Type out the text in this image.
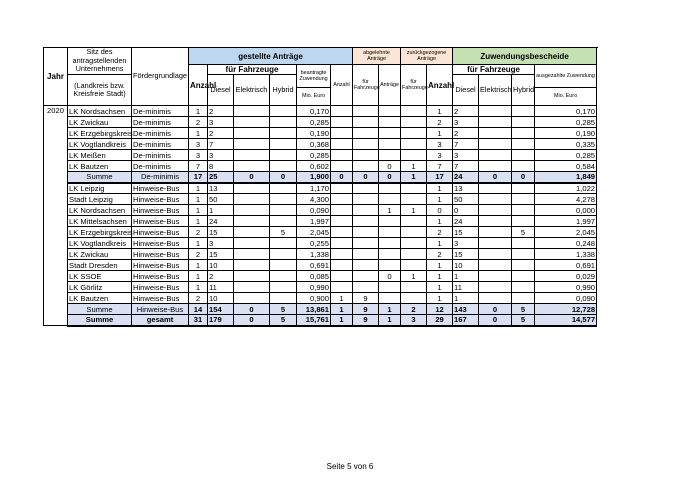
Jahr	Sitz des antragstellenden Unternehmens	Fördergrundlage	gestellte Anträge						abgelehnte Anträge		zurückgezogene Anträge		Zuwendungsbescheide			
			Anzahl	für Fahrzeuge			beantragte Zuwendung	Anzahl	für Fahrzeuge	Anträge	für Fahrzeuge	Anzahl	für Fahrzeuge			ausgezahlte Zuwendung
	(Landkreis bzw. Kreisfreie Stadt)			Diesel	Elektrisch	Hybrid							Diesel	Elektrisch	Hybrid	
							Mio. Euro									Mio. Euro
2020	LK Nordsachsen	De-minimis	1	2			0,170					1	2			0,170
	LK Zwickau	De-minimis	2	3			0,285					2	3			0,285
	LK Erzgebirgskreis	De-minimis	1	2			0,190					1	2			0,190
	LK Vogtlandkreis	De-minimis	3	7			0,368					3	7			0,335
	LK Meißen	De-minimis	3	3			0,285					3	3			0,285
	LK Bautzen	De-minimis	7	8			0,602			0	1	7	7			0,584
	Summe	De-minimis	17	25	0	0	1,900	0	0	0	1	17	24	0	0	1,849
	LK Leipzig	Hinweise-Bus	1	13			1,170					1	13			1,022
	Stadt Leipzig	Hinweise-Bus	1	50			4,300					1	50			4,278
	LK Nordsachsen	Hinweise-Bus	1	1			0,090			1	1	0	0			0,000
	LK Mittelsachsen	Hinweise-Bus	1	24			1,997					1	24			1,997
	LK Erzgebirgskreis	Hinweise-Bus	2	15		5	2,045					2	15		5	2,045
	LK Vogtlandkreis	Hinweise-Bus	1	3			0,255					1	3			0,248
	LK Zwickau	Hinweise-Bus	2	15			1,338					2	15			1,338
	Stadt Dresden	Hinweise-Bus	1	10			0,691					1	10			0,691
	LK SSOE	Hinweise-Bus	1	2			0,085			0	1	1	1			0,029
	LK Görlitz	Hinweise-Bus	1	11			0,990					1	11			0,990
	LK Bautzen	Hinweise-Bus	2	10			0,900	1	9			1	1			0,090
	Summe	Hinweise-Bus	14	154	0	5	13,861	1	9	1	2	12	143	0	5	12,728
	Summe	gesamt	31	179	0	5	15,761	1	9	1	3	29	167	0	5	14,577
Seite 5 von 6
